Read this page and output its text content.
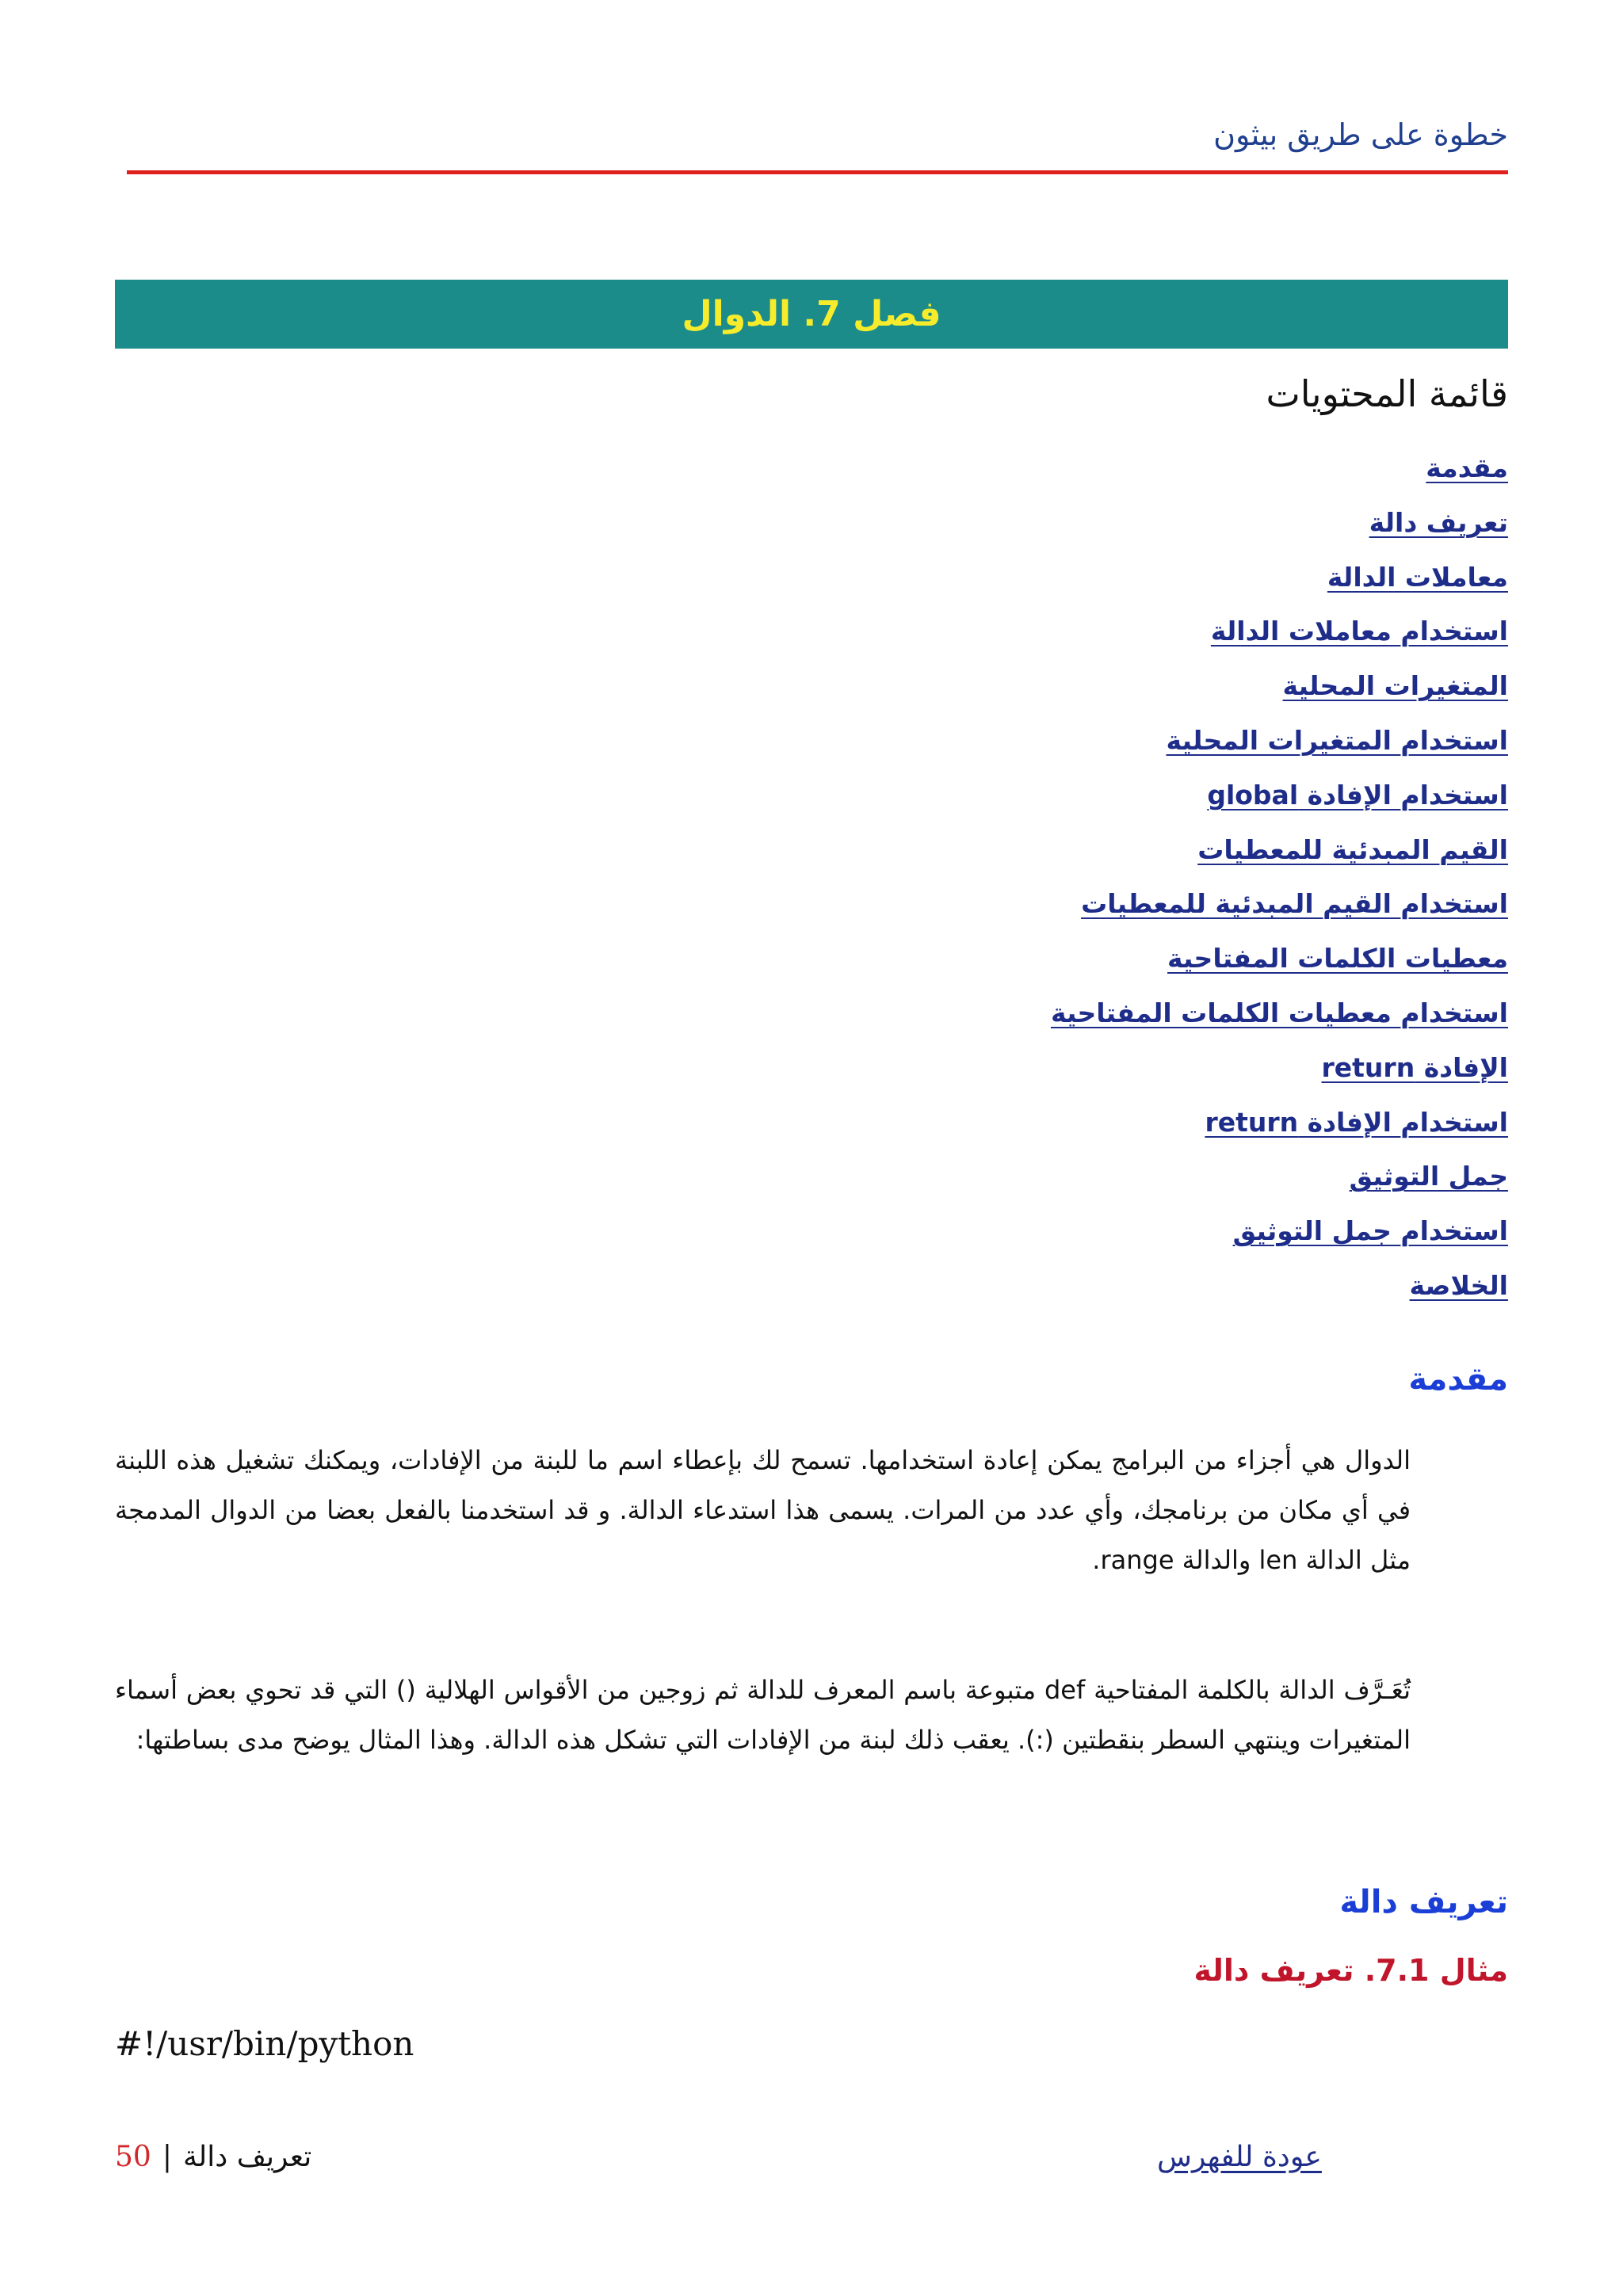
خطوة على طريق بيثون
فصل 7. الدوال
قائمة المحتويات
مقدمة
تعريف دالة
معاملات الدالة
استخدام معاملات الدالة
المتغيرات المحلية
استخدام المتغيرات المحلية
استخدام الإفادة global
القيم المبدئية للمعطيات
استخدام القيم المبدئية للمعطيات
معطيات الكلمات المفتاحية
استخدام معطيات الكلمات المفتاحية
الإفادة return
استخدام الإفادة return
جمل التوثيق
استخدام جمل التوثيق
الخلاصة
مقدمة

الدوال هي أجزاء من البرامج يمكن إعادة استخدامها. تسمح لك بإعطاء اسم ما للبنة من الإفادات، ويمكنك تشغيل هذه اللبنة في أي مكان من برنامجك، وأي عدد من المرات. يسمى هذا استدعاء الدالة. و قد استخدمنا بالفعل بعضا من الدوال المدمجة مثل الدالة len والدالة range.

تُعَـرَّف الدالة بالكلمة المفتاحية def متبوعة باسم المعرف للدالة ثم زوجين من الأقواس الهلالية () التي قد تحوي بعض أسماء المتغيرات وينتهي السطر بنقطتين (:). يعقب ذلك لبنة من الإفادات التي تشكل هذه الدالة. وهذا المثال يوضح مدى بساطتها:

تعريف دالة
مثال 7.1. تعريف دالة
#!/usr/bin/python
تعريف دالة
|
50	عودة للفهرس
